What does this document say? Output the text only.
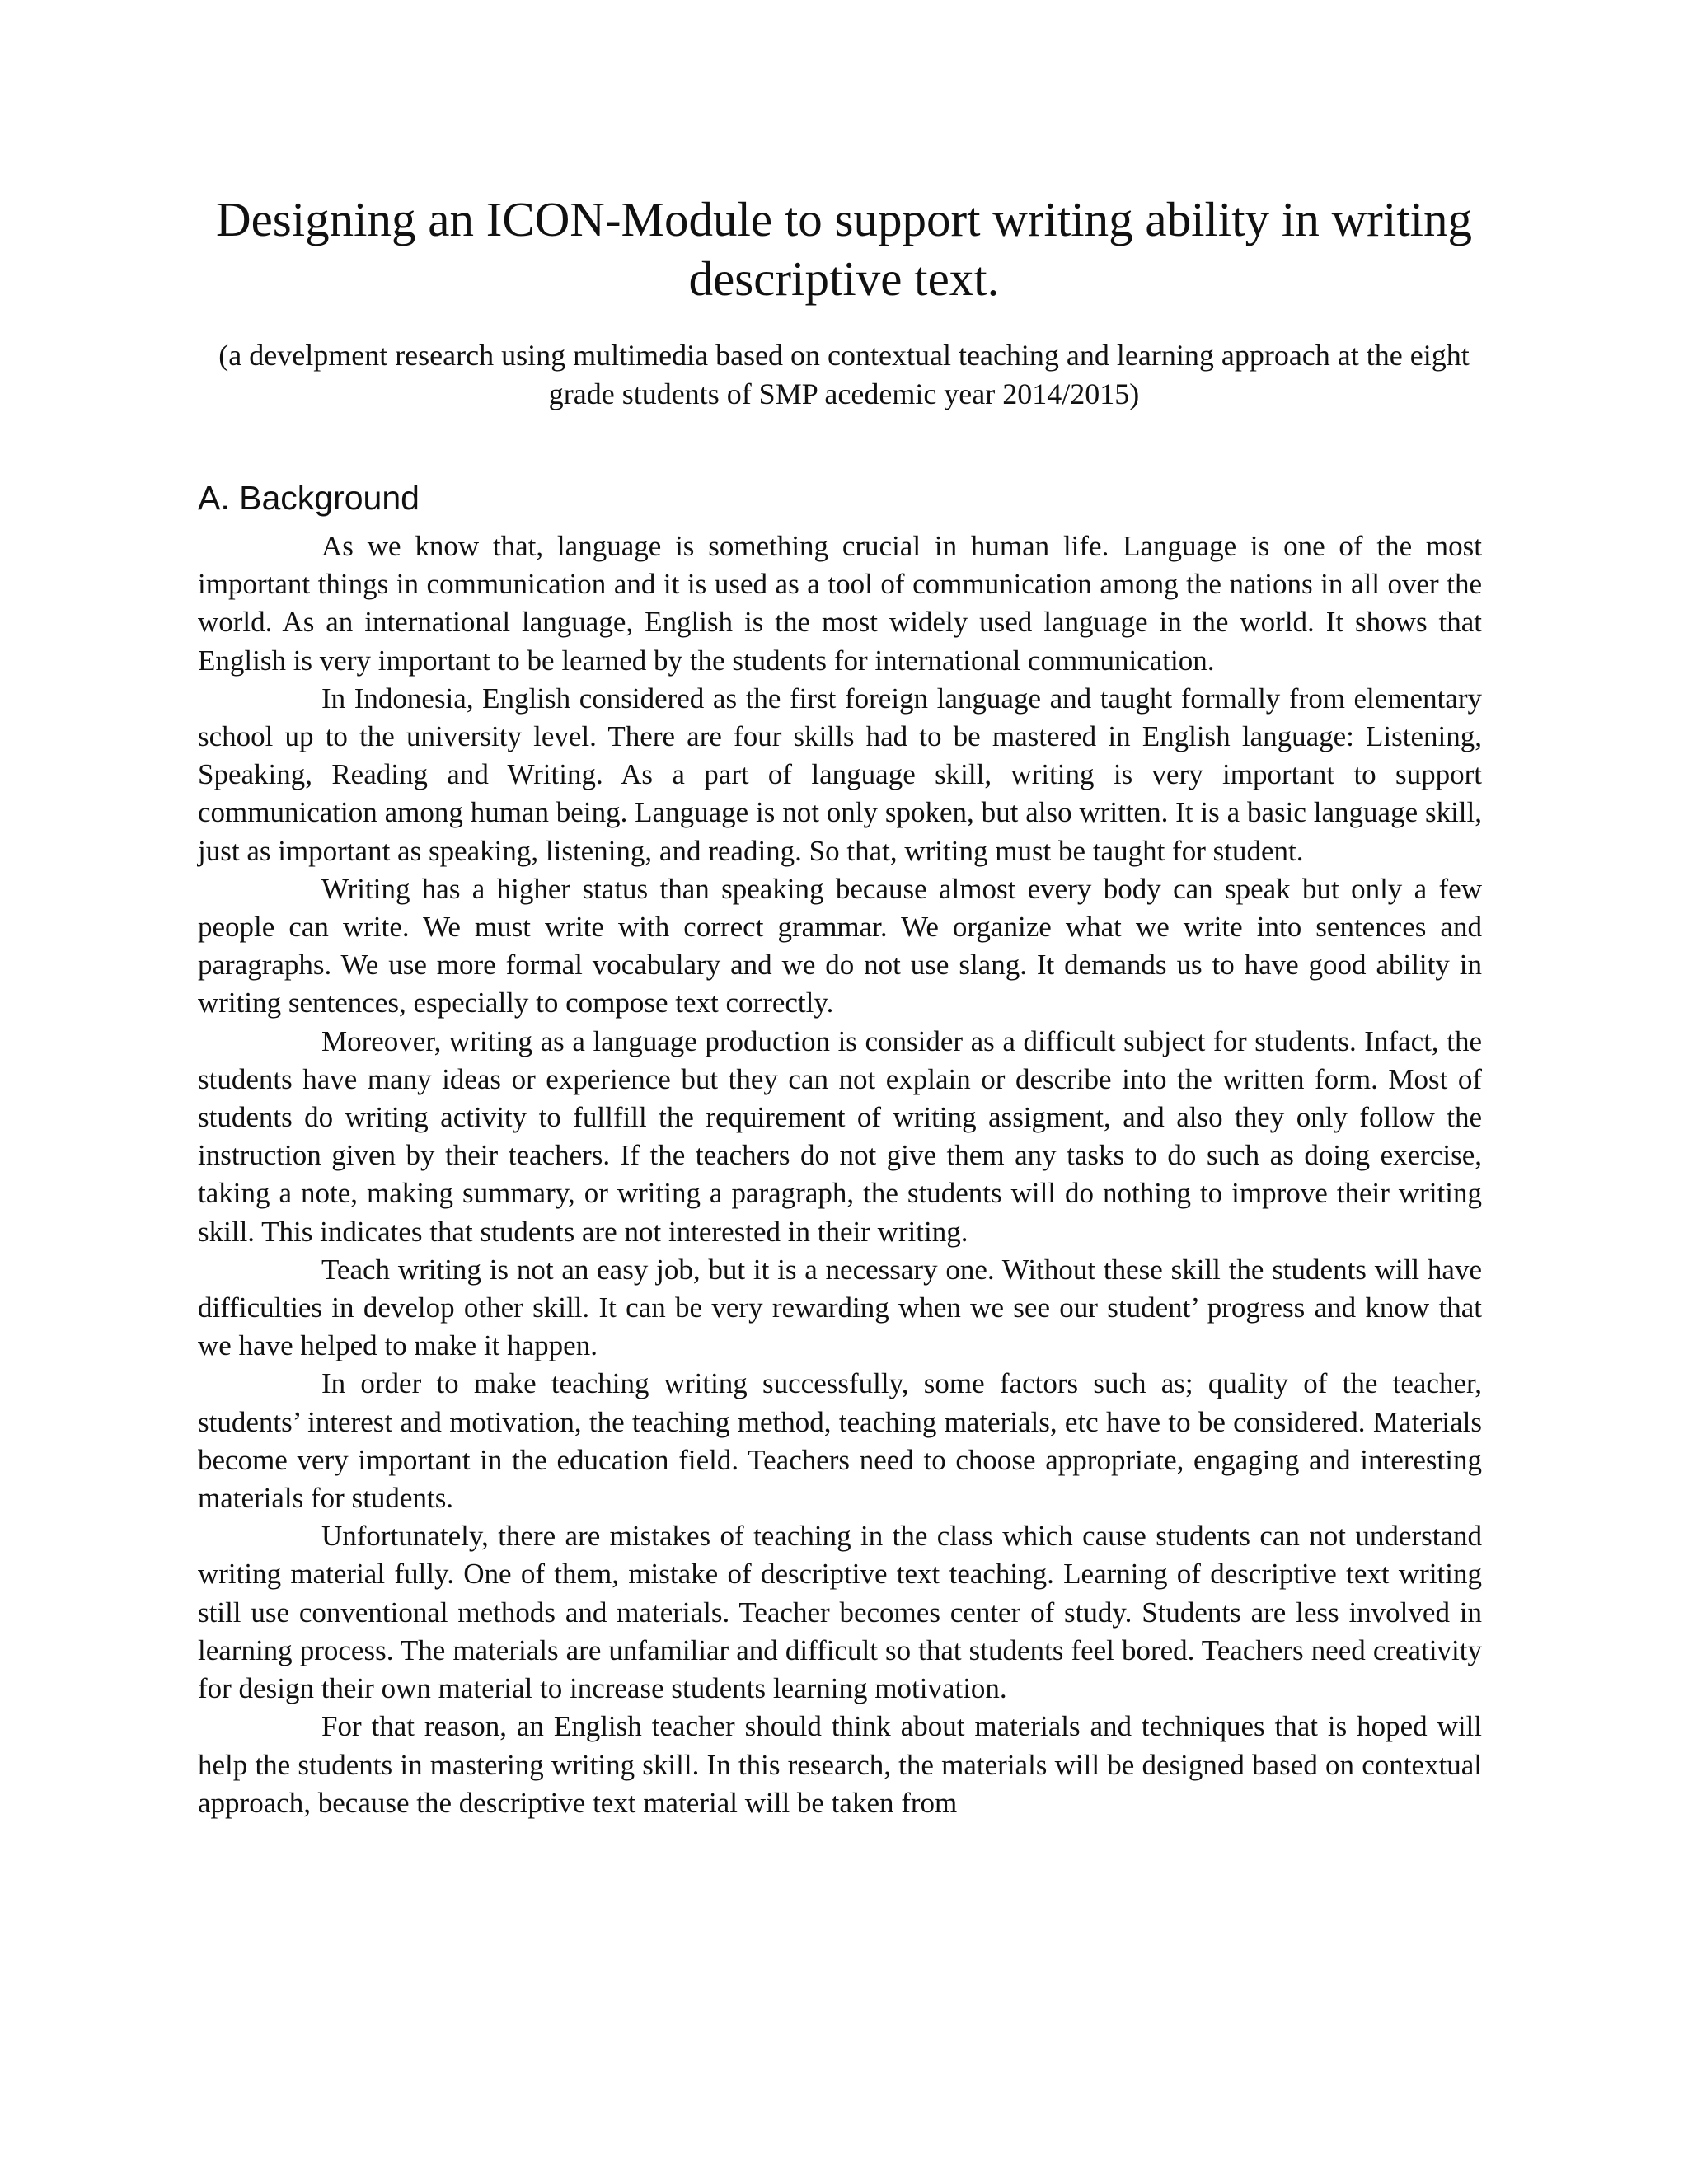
Designing an ICON-Module to support writing ability in writing descriptive text.
(a develpment research using multimedia based on contextual teaching and learning approach at the eight grade students of SMP acedemic year 2014/2015)
A. Background

As we know that, language is something crucial in human life. Language is one of the most important things in communication and it is used as a tool of communication among the nations in all over the world. As an international language, English is the most widely used language in the world. It shows that English is very important to be learned by the students for international communication.

In Indonesia, English considered as the first foreign language and taught formally from elementary school up to the university level. There are four skills had to be mastered in English language: Listening, Speaking, Reading and Writing. As a part of language skill, writing is very important to support communication among human being. Language is not only spoken, but also written. It is a basic language skill, just as important as speaking, listening, and reading. So that, writing must be taught for student.

Writing has a higher status than speaking because almost every body can speak but only a few people can write. We must write with correct grammar. We organize what we write into sentences and paragraphs. We use more formal vocabulary and we do not use slang. It demands us to have good ability in writing sentences, especially to compose text correctly.

Moreover, writing as a language production is consider as a difficult subject for students. Infact, the students have many ideas or experience but they can not explain or describe into the written form. Most of students do writing activity to fullfill the requirement of writing assigment, and also they only follow the instruction given by their teachers. If the teachers do not give them any tasks to do such as doing exercise, taking a note, making summary, or writing a paragraph, the students will do nothing to improve their writing skill. This indicates that students are not interested in their writing.

Teach writing is not an easy job, but it is a necessary one. Without these skill the students will have difficulties in develop other skill. It can be very rewarding when we see our student’ progress and know that we have helped to make it happen.

In order to make teaching writing successfully, some factors such as; quality of the teacher, students’ interest and motivation, the teaching method, teaching materials, etc have to be considered. Materials become very important in the education field. Teachers need to choose appropriate, engaging and interesting materials for students.

Unfortunately, there are mistakes of teaching in the class which cause students can not understand writing material fully. One of them, mistake of descriptive text teaching. Learning of descriptive text writing still use conventional methods and materials. Teacher becomes center of study. Students are less involved in learning process. The materials are unfamiliar and difficult so that students feel bored. Teachers need creativity for design their own material to increase students learning motivation.

For that reason, an English teacher should think about materials and techniques that is hoped will help the students in mastering writing skill. In this research, the materials will be designed based on contextual approach, because the descriptive text material will be taken from
